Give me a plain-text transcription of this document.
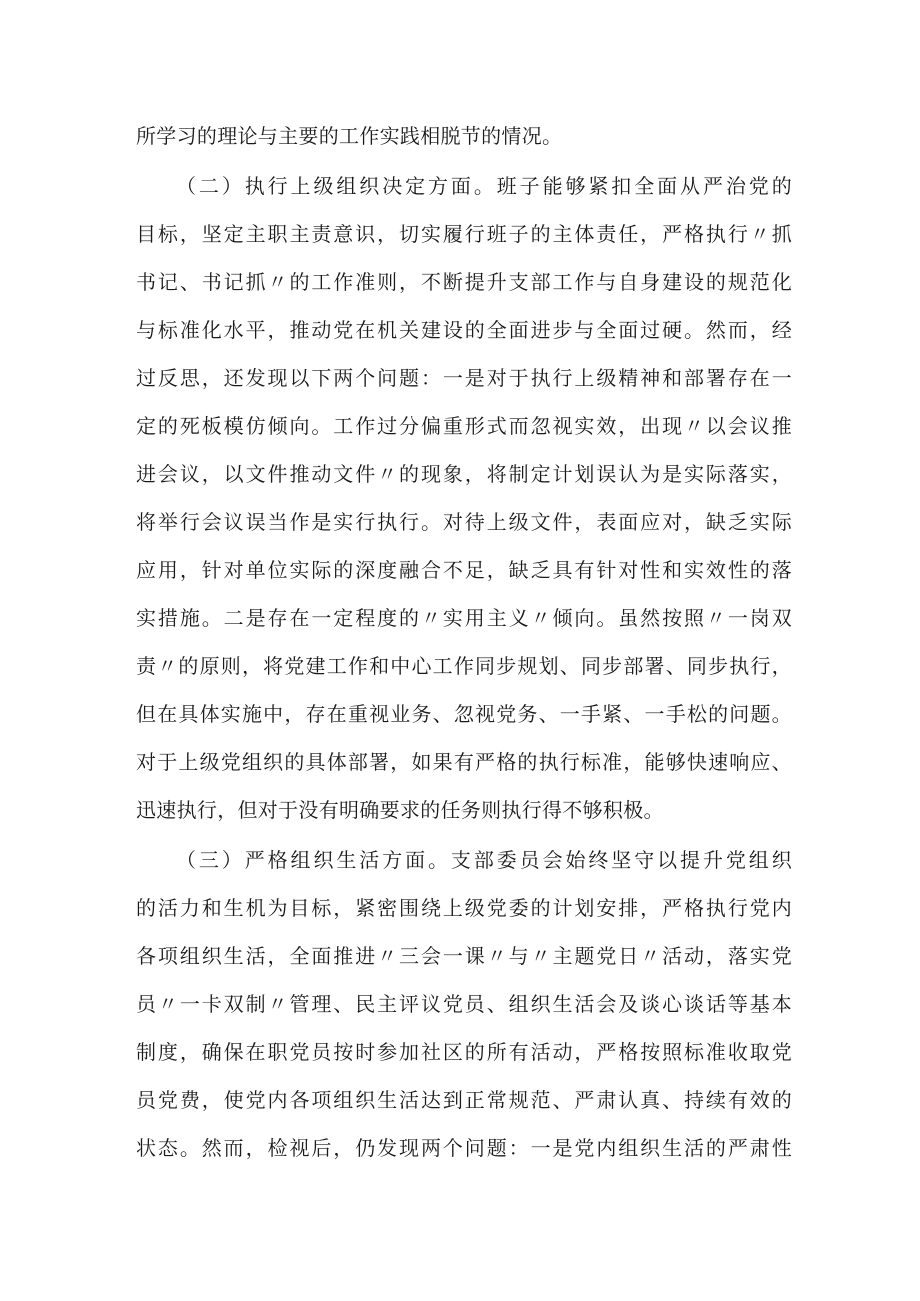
所学习的理论与主要的工作实践相脱节的情况。
（二）执行上级组织决定方面。班子能够紧扣全面从严治党的
目标，坚定主职主责意识，切实履行班子的主体责任，严格执行〃抓
书记、书记抓〃的工作准则，不断提升支部工作与自身建设的规范化
与标准化水平，推动党在机关建设的全面进步与全面过硬。然而，经
过反思，还发现以下两个问题：一是对于执行上级精神和部署存在一
定的死板模仿倾向。工作过分偏重形式而忽视实效，出现〃以会议推
进会议，以文件推动文件〃的现象，将制定计划误认为是实际落实，
将举行会议误当作是实行执行。对待上级文件，表面应对，缺乏实际
应用，针对单位实际的深度融合不足，缺乏具有针对性和实效性的落
实措施。二是存在一定程度的〃实用主义〃倾向。虽然按照〃一岗双
责〃的原则，将党建工作和中心工作同步规划、同步部署、同步执行，
但在具体实施中，存在重视业务、忽视党务、一手紧、一手松的问题。
对于上级党组织的具体部署，如果有严格的执行标准，能够快速响应、
迅速执行，但对于没有明确要求的任务则执行得不够积极。
（三）严格组织生活方面。支部委员会始终坚守以提升党组织
的活力和生机为目标，紧密围绕上级党委的计划安排，严格执行党内
各项组织生活，全面推进〃三会一课〃与〃主题党日〃活动，落实党
员〃一卡双制〃管理、民主评议党员、组织生活会及谈心谈话等基本
制度，确保在职党员按时参加社区的所有活动，严格按照标准收取党
员党费，使党内各项组织生活达到正常规范、严肃认真、持续有效的
状态。然而，检视后，仍发现两个问题：一是党内组织生活的严肃性
